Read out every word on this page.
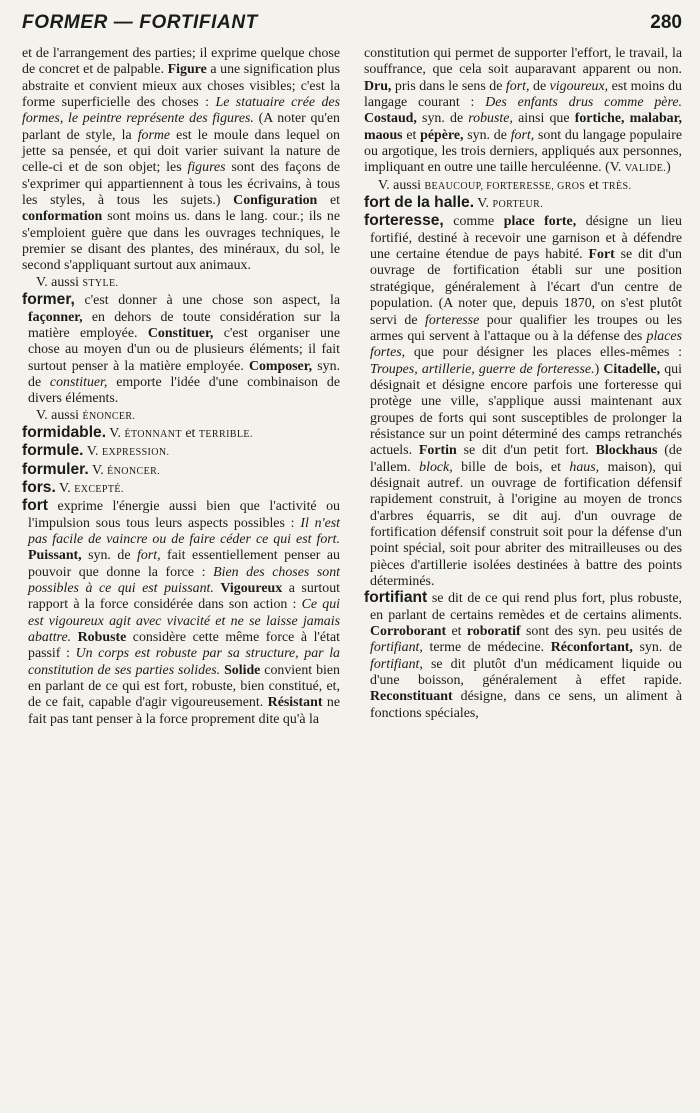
FORMER — FORTIFIANT	280

et de l'arrangement des parties; il exprime quelque chose de concret et de palpable. Figure a une signification plus abstraite et convient mieux aux choses visibles; c'est la forme superficielle des choses : Le statuaire crée des formes, le peintre représente des figures. (A noter qu'en parlant de style, la forme est le moule dans lequel on jette sa pensée, et qui doit varier suivant la nature de celle-ci et de son objet; les figures sont des façons de s'exprimer qui appartiennent à tous les écrivains, à tous les styles, à tous les sujets.) Configuration et conformation sont moins us. dans le lang. cour.; ils ne s'emploient guère que dans les ouvrages techniques, le premier se disant des plantes, des minéraux, du sol, le second s'appliquant surtout aux animaux.

V. aussi STYLE.

former, c'est donner à une chose son aspect, la façonner, en dehors de toute considération sur la matière employée. Constituer, c'est organiser une chose au moyen d'un ou de plusieurs éléments; il fait surtout penser à la matière employée. Composer, syn. de constituer, emporte l'idée d'une combinaison de divers éléments.

V. aussi ÉNONCER.

formidable. V. ÉTONNANT et TERRIBLE.

formule. V. EXPRESSION.

formuler. V. ÉNONCER.

fors. V. EXCEPTÉ.

fort exprime l'énergie aussi bien que l'activité ou l'impulsion sous tous leurs aspects possibles : Il n'est pas facile de vaincre ou de faire céder ce qui est fort. Puissant, syn. de fort, fait essentiellement penser au pouvoir que donne la force : Bien des choses sont possibles à ce qui est puissant. Vigoureux a surtout rapport à la force considérée dans son action : Ce qui est vigoureux agit avec vivacité et ne se laisse jamais abattre. Robuste considère cette même force à l'état passif : Un corps est robuste par sa structure, par la constitution de ses parties solides. Solide convient bien en parlant de ce qui est fort, robuste, bien constitué, et, de ce fait, capable d'agir vigoureusement. Résistant ne fait pas tant penser à la force proprement dite qu'à la

constitution qui permet de supporter l'effort, le travail, la souffrance, que cela soit auparavant apparent ou non. Dru, pris dans le sens de fort, de vigoureux, est moins du langage courant : Des enfants drus comme père. Costaud, syn. de robuste, ainsi que fortiche, malabar, maous et pépère, syn. de fort, sont du langage populaire ou argotique, les trois derniers, appliqués aux personnes, impliquant en outre une taille herculéenne. (V. VALIDE.)

V. aussi BEAUCOUP, FORTERESSE, GROS et TRÈS.

fort de la halle. V. PORTEUR.

forteresse, comme place forte, désigne un lieu fortifié, destiné à recevoir une garnison et à défendre une certaine étendue de pays habité. Fort se dit d'un ouvrage de fortification établi sur une position stratégique, généralement à l'écart d'un centre de population. (A noter que, depuis 1870, on s'est plutôt servi de forteresse pour qualifier les troupes ou les armes qui servent à l'attaque ou à la défense des places fortes, que pour désigner les places elles-mêmes : Troupes, artillerie, guerre de forteresse.) Citadelle, qui désignait et désigne encore parfois une forteresse qui protège une ville, s'applique aussi maintenant aux groupes de forts qui sont susceptibles de prolonger la résistance sur un point déterminé des camps retranchés actuels. Fortin se dit d'un petit fort. Blockhaus (de l'allem. block, bille de bois, et haus, maison), qui désignait autref. un ouvrage de fortification défensif rapidement construit, à l'origine au moyen de troncs d'arbres équarris, se dit auj. d'un ouvrage de fortification défensif construit soit pour la défense d'un point spécial, soit pour abriter des mitrailleuses ou des pièces d'artillerie isolées destinées à battre des points déterminés.

fortifiant se dit de ce qui rend plus fort, plus robuste, en parlant de certains remèdes et de certains aliments. Corroborant et roboratif sont des syn. peu usités de fortifiant, terme de médecine. Réconfortant, syn. de fortifiant, se dit plutôt d'un médicament liquide ou d'une boisson, généralement à effet rapide. Reconstituant désigne, dans ce sens, un aliment à fonctions spéciales,
